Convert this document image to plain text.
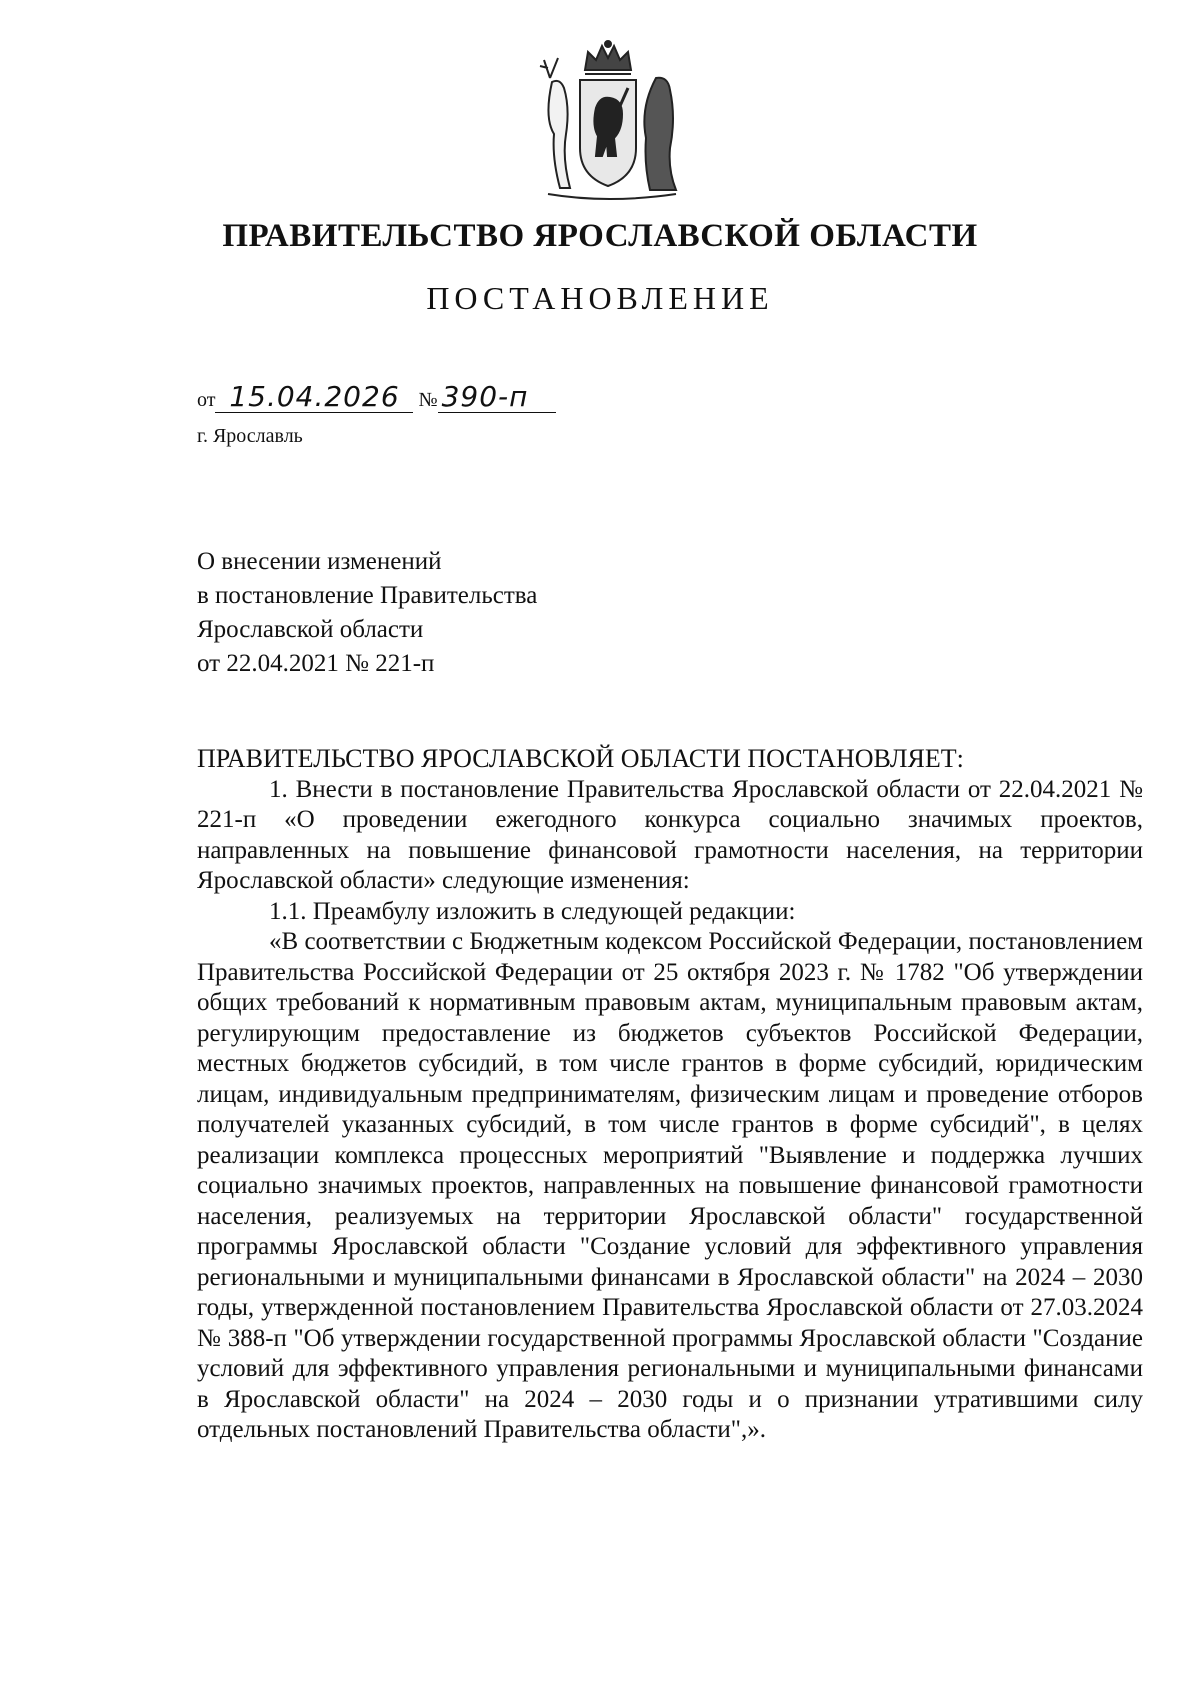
ПРАВИТЕЛЬСТВО ЯРОСЛАВСКОЙ ОБЛАСТИ
ПОСТАНОВЛЕНИЕ
от 15.04.2026 № 390-п
г. Ярославль
О внесении изменений
в постановление Правительства
Ярославской области
от 22.04.2021 № 221-п

ПРАВИТЕЛЬСТВО ЯРОСЛАВСКОЙ ОБЛАСТИ ПОСТАНОВЛЯЕТ:

1. Внести в постановление Правительства Ярославской области от 22.04.2021 № 221-п «О проведении ежегодного конкурса социально значимых проектов, направленных на повышение финансовой грамотности населения, на территории Ярославской области» следующие изменения:

1.1. Преамбулу изложить в следующей редакции:

«В соответствии с Бюджетным кодексом Российской Федерации, постановлением Правительства Российской Федерации от 25 октября 2023 г. № 1782 "Об утверждении общих требований к нормативным правовым актам, муниципальным правовым актам, регулирующим предоставление из бюджетов субъектов Российской Федерации, местных бюджетов субсидий, в том числе грантов в форме субсидий, юридическим лицам, индивидуальным предпринимателям, физическим лицам и проведение отборов получателей указанных субсидий, в том числе грантов в форме субсидий", в целях реализации комплекса процессных мероприятий "Выявление и поддержка лучших социально значимых проектов, направленных на повышение финансовой грамотности населения, реализуемых на территории Ярославской области" государственной программы Ярославской области "Создание условий для эффективного управления региональными и муниципальными финансами в Ярославской области" на 2024 – 2030 годы, утвержденной постановлением Правительства Ярославской области от 27.03.2024 № 388-п "Об утверждении государственной программы Ярославской области "Создание условий для эффективного управления региональными и муниципальными финансами в Ярославской области" на 2024 – 2030 годы и о признании утратившими силу отдельных постановлений Правительства области",».
